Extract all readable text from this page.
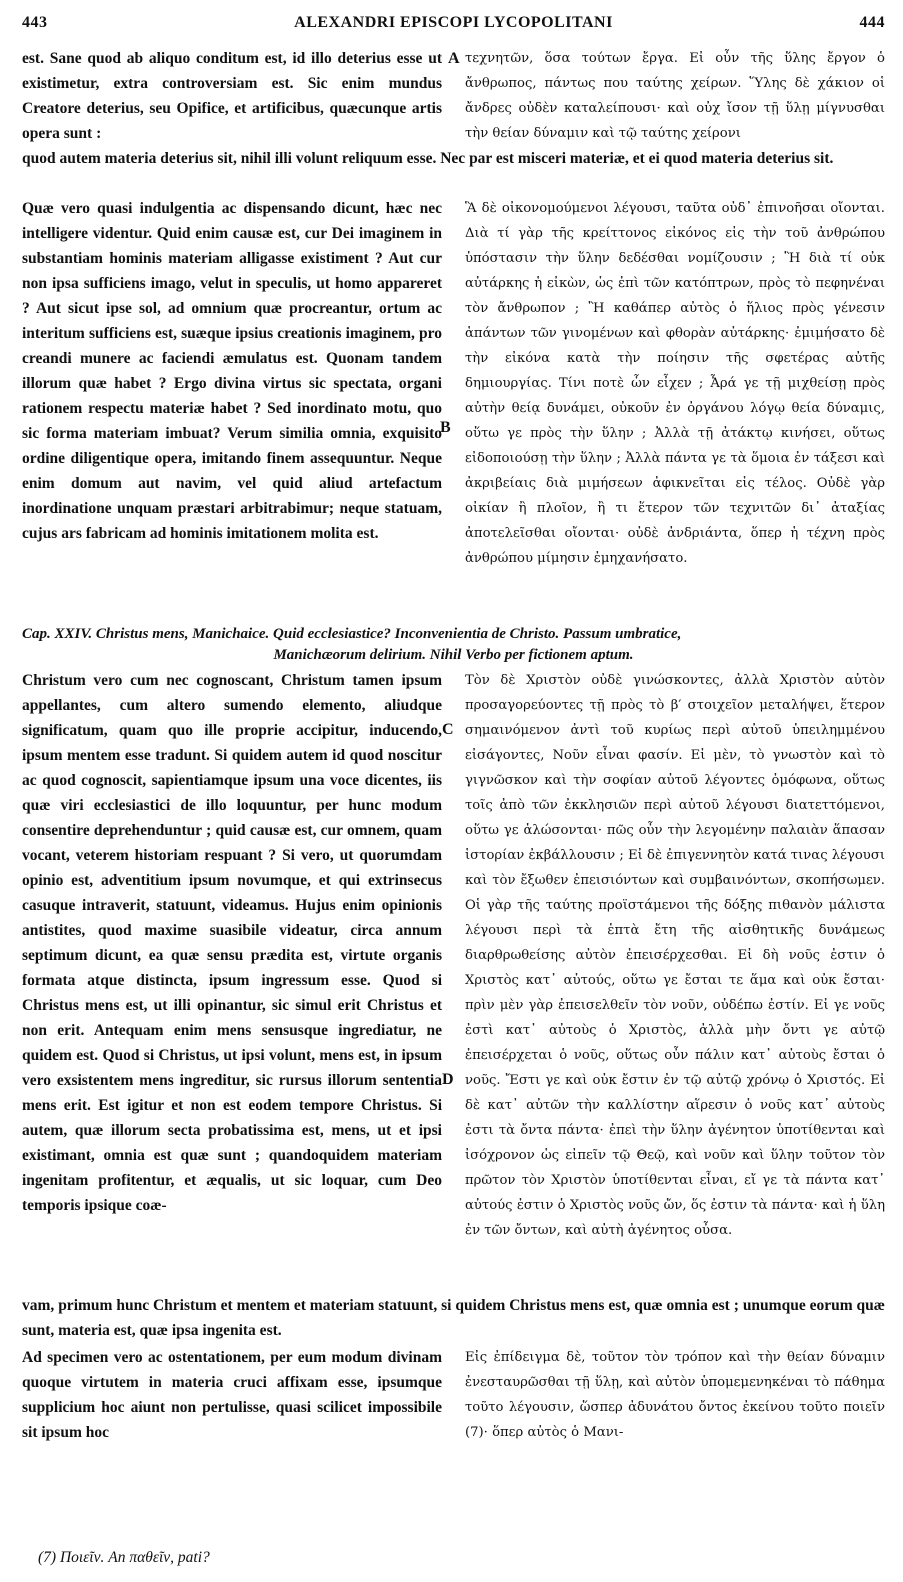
443	ALEXANDRI EPISCOPI LYCOPOLITANI	444

est. Sane quod ab aliquo conditum est, id illo deterius esse ut existimetur, extra controversiam est. Sic enim mundus Creatore deterius, seu Opifice, et artificibus, quæcunque artis opera sunt :

A τεχνητῶν, ὅσα τούτων ἔργα. Εἰ οὖν τῆς ὕλης ἔργον ὁ ἄνθρωπος, πάντως που ταύτης χείρων. Ὕλης δὲ χάκιον οἱ ἄνδρες οὐδὲν καταλείπουσι· καὶ οὐχ ἴσον τῇ ὕλῃ μίγνυσθαι τὴν θείαν δύναμιν καὶ τῷ ταύτης χείρονι

quod autem materia deterius sit, nihil illi volunt reliquum esse. Nec par est misceri materiæ, et ei quod materia deterius sit.

Quæ vero quasi indulgentia ac dispensando dicunt, hæc nec intelligere videntur. Quid enim causæ est, cur Dei imaginem in substantiam hominis materiam alligasse existiment ? Aut cur non ipsa sufficiens imago, velut in speculis, ut homo appareret ? Aut sicut ipse sol, ad omnium quæ procreantur, ortum ac interitum sufficiens est, suæque ipsius creationis imaginem, pro creandi munere ac faciendi æmulatus est. Quonam tandem illorum quæ habet ? Ergo divina virtus sic spectata, organi rationem respectu materiæ habet ? Sed inordinato motu, quo sic forma materiam imbuat? Verum similia omnia, exquisito ordine diligentique opera, imitando finem assequuntur. Neque enim domum aut navim, vel quid aliud artefactum inordinatione unquam præstari arbitrabimur; neque statuam, cujus ars fabricam ad hominis imitationem molita est.

B

Ἃ δὲ οἰκονομούμενοι λέγουσι, ταῦτα οὐδ᾽ ἐπινοῆσαι οἴονται. Διὰ τί γὰρ τῆς κρείττονος εἰκόνος εἰς τὴν τοῦ ἀνθρώπου ὑπόστασιν τὴν ὕλην δεδέσθαι νομίζουσιν ; Ἢ διὰ τί οὐκ αὐτάρκης ἡ εἰκὼν, ὡς ἐπὶ τῶν κατόπτρων, πρὸς τὸ πεφηνέναι τὸν ἄνθρωπον ; Ἢ καθάπερ αὐτὸς ὁ ἥλιος πρὸς γένεσιν ἁπάντων τῶν γινομένων καὶ φθορὰν αὐτάρκης· ἐμιμήσατο δὲ τὴν εἰκόνα κατὰ τὴν ποίησιν τῆς σφετέρας αὐτῆς δημιουργίας. Τίνι ποτὲ ὧν εἶχεν ; Ἆρά γε τῇ μιχθείσῃ πρὸς αὐτὴν θείᾳ δυνάμει, οὐκοῦν ἐν ὀργάνου λόγῳ θεία δύναμις, οὕτω γε πρὸς τὴν ὕλην ; Ἀλλὰ τῇ ἀτάκτῳ κινήσει, οὕτως εἰδοποιούσῃ τὴν ὕλην ; Ἀλλὰ πάντα γε τὰ ὅμοια ἐν τάξεσι καὶ ἀκριβείαις διὰ μιμήσεων ἀφικνεῖται εἰς τέλος. Οὐδὲ γὰρ οἰκίαν ἢ πλοῖον, ἢ τι ἕτερον τῶν τεχνιτῶν δι᾽ ἀταξίας ἀποτελεῖσθαι οἴονται· οὐδὲ ἀνδριάντα, ὅπερ ἡ τέχνη πρὸς ἀνθρώπου μίμησιν ἐμηχανήσατο.

Cap. XXIV. Christus mens, Manichaice. Quid ecclesiastice? Inconvenientia de Christo. Passum umbratice,
Manichæorum delirium. Nihil Verbo per fictionem aptum.

Christum vero cum nec cognoscant, Christum tamen ipsum appellantes, cum altero sumendo elemento, aliudque significatum, quam quo ille proprie accipitur, inducendo, ipsum mentem esse tradunt. Si quidem autem id quod noscitur ac quod cognoscit, sapientiamque ipsum una voce dicentes, iis quæ viri ecclesiastici de illo loquuntur, per hunc modum consentire deprehenduntur ; quid causæ est, cur omnem, quam vocant, veterem historiam respuant ? Si vero, ut quorumdam opinio est, adventitium ipsum novumque, et qui extrinsecus casuque intraverit, statuunt, videamus. Hujus enim opinionis antistites, quod maxime suasibile videatur, circa annum septimum dicunt, ea quæ sensu prædita est, virtute organis formata atque distincta, ipsum ingressum esse. Quod si Christus mens est, ut illi opinantur, sic simul erit Christus et non erit. Antequam enim mens sensusque ingrediatur, ne quidem est. Quod si Christus, ut ipsi volunt, mens est, in ipsum vero exsistentem mens ingreditur, sic rursus illorum sententia mens erit. Est igitur et non est eodem tempore Christus. Si autem, quæ illorum secta probatissima est, mens, ut et ipsi existimant, omnia est quæ sunt ; quandoquidem materiam ingenitam profitentur, et æqualis, ut sic loquar, cum Deo temporis ipsique coæ-

C
D

Τὸν δὲ Χριστὸν οὐδὲ γινώσκοντες, ἀλλὰ Χριστὸν αὐτὸν προσαγορεύοντες τῇ πρὸς τὸ β′ στοιχεῖον μεταλήψει, ἕτερον σημαινόμενον ἀντὶ τοῦ κυρίως περὶ αὐτοῦ ὑπειλημμένου εἰσάγοντες, Νοῦν εἶναι φασίν. Εἰ μὲν, τὸ γνωστὸν καὶ τὸ γιγνῶσκον καὶ τὴν σοφίαν αὐτοῦ λέγοντες ὁμόφωνα, οὕτως τοῖς ἀπὸ τῶν ἐκκλησιῶν περὶ αὐτοῦ λέγουσι διατεττόμενοι, οὕτω γε ἁλώσονται· πῶς οὖν τὴν λεγομένην παλαιὰν ἅπασαν ἱστορίαν ἐκβάλλουσιν ; Εἰ δὲ ἐπιγεννητὸν κατά τινας λέγουσι καὶ τὸν ἔξωθεν ἐπεισιόντων καὶ συμβαινόντων, σκοπήσωμεν. Οἱ γὰρ τῆς ταύτης προϊστάμενοι τῆς δόξης πιθανὸν μάλιστα λέγουσι περὶ τὰ ἑπτὰ ἔτη τῆς αἰσθητικῆς δυνάμεως διαρθρωθείσης αὐτὸν ἐπεισέρχεσθαι. Εἰ δὴ νοῦς ἐστιν ὁ Χριστὸς κατ᾽ αὐτούς, οὕτω γε ἔσται τε ἅμα καὶ οὐκ ἔσται· πρὶν μὲν γὰρ ἐπεισελθεῖν τὸν νοῦν, οὐδέπω ἐστίν. Εἰ γε νοῦς ἐστὶ κατ᾽ αὐτοὺς ὁ Χριστὸς, ἀλλὰ μὴν ὄντι γε αὐτῷ ἐπεισέρχεται ὁ νοῦς, οὕτως οὖν πάλιν κατ᾽ αὐτοὺς ἔσται ὁ νοῦς. Ἔστι γε καὶ οὐκ ἔστιν ἐν τῷ αὐτῷ χρόνῳ ὁ Χριστός. Εἰ δὲ κατ᾽ αὐτῶν τὴν καλλίστην αἵρεσιν ὁ νοῦς κατ᾽ αὐτοὺς ἐστι τὰ ὄντα πάντα· ἐπεὶ τὴν ὕλην ἀγένητον ὑποτίθενται καὶ ἰσόχρονον ὡς εἰπεῖν τῷ Θεῷ, καὶ νοῦν καὶ ὕλην τοῦτον τὸν πρῶτον τὸν Χριστὸν ὑποτίθενται εἶναι, εἴ γε τὰ πάντα κατ᾽ αὐτούς ἐστιν ὁ Χριστὸς νοῦς ὤν, ὅς ἐστιν τὰ πάντα· καὶ ἡ ὕλη ἐν τῶν ὄντων, καὶ αὐτὴ ἀγένητος οὖσα.

vam, primum hunc Christum et mentem et materiam statuunt, si quidem Christus mens est, quæ omnia est ; unumque eorum quæ sunt, materia est, quæ ipsa ingenita est.

Ad specimen vero ac ostentationem, per eum modum divinam quoque virtutem in materia cruci affixam esse, ipsumque supplicium hoc aiunt non pertulisse, quasi scilicet impossibile sit ipsum hoc

Εἰς ἐπίδειγμα δὲ, τοῦτον τὸν τρόπον καὶ τὴν θείαν δύναμιν ἐνεσταυρῶσθαι τῇ ὕλῃ, καὶ αὐτὸν ὑπομεμενηκέναι τὸ πάθημα τοῦτο λέγουσιν, ὥσπερ ἀδυνάτου ὄντος ἐκείνου τοῦτο ποιεῖν (7)· ὅπερ αὐτὸς ὁ Μανι-

(7) Ποιεῖν. An παθεῖν, pati?
